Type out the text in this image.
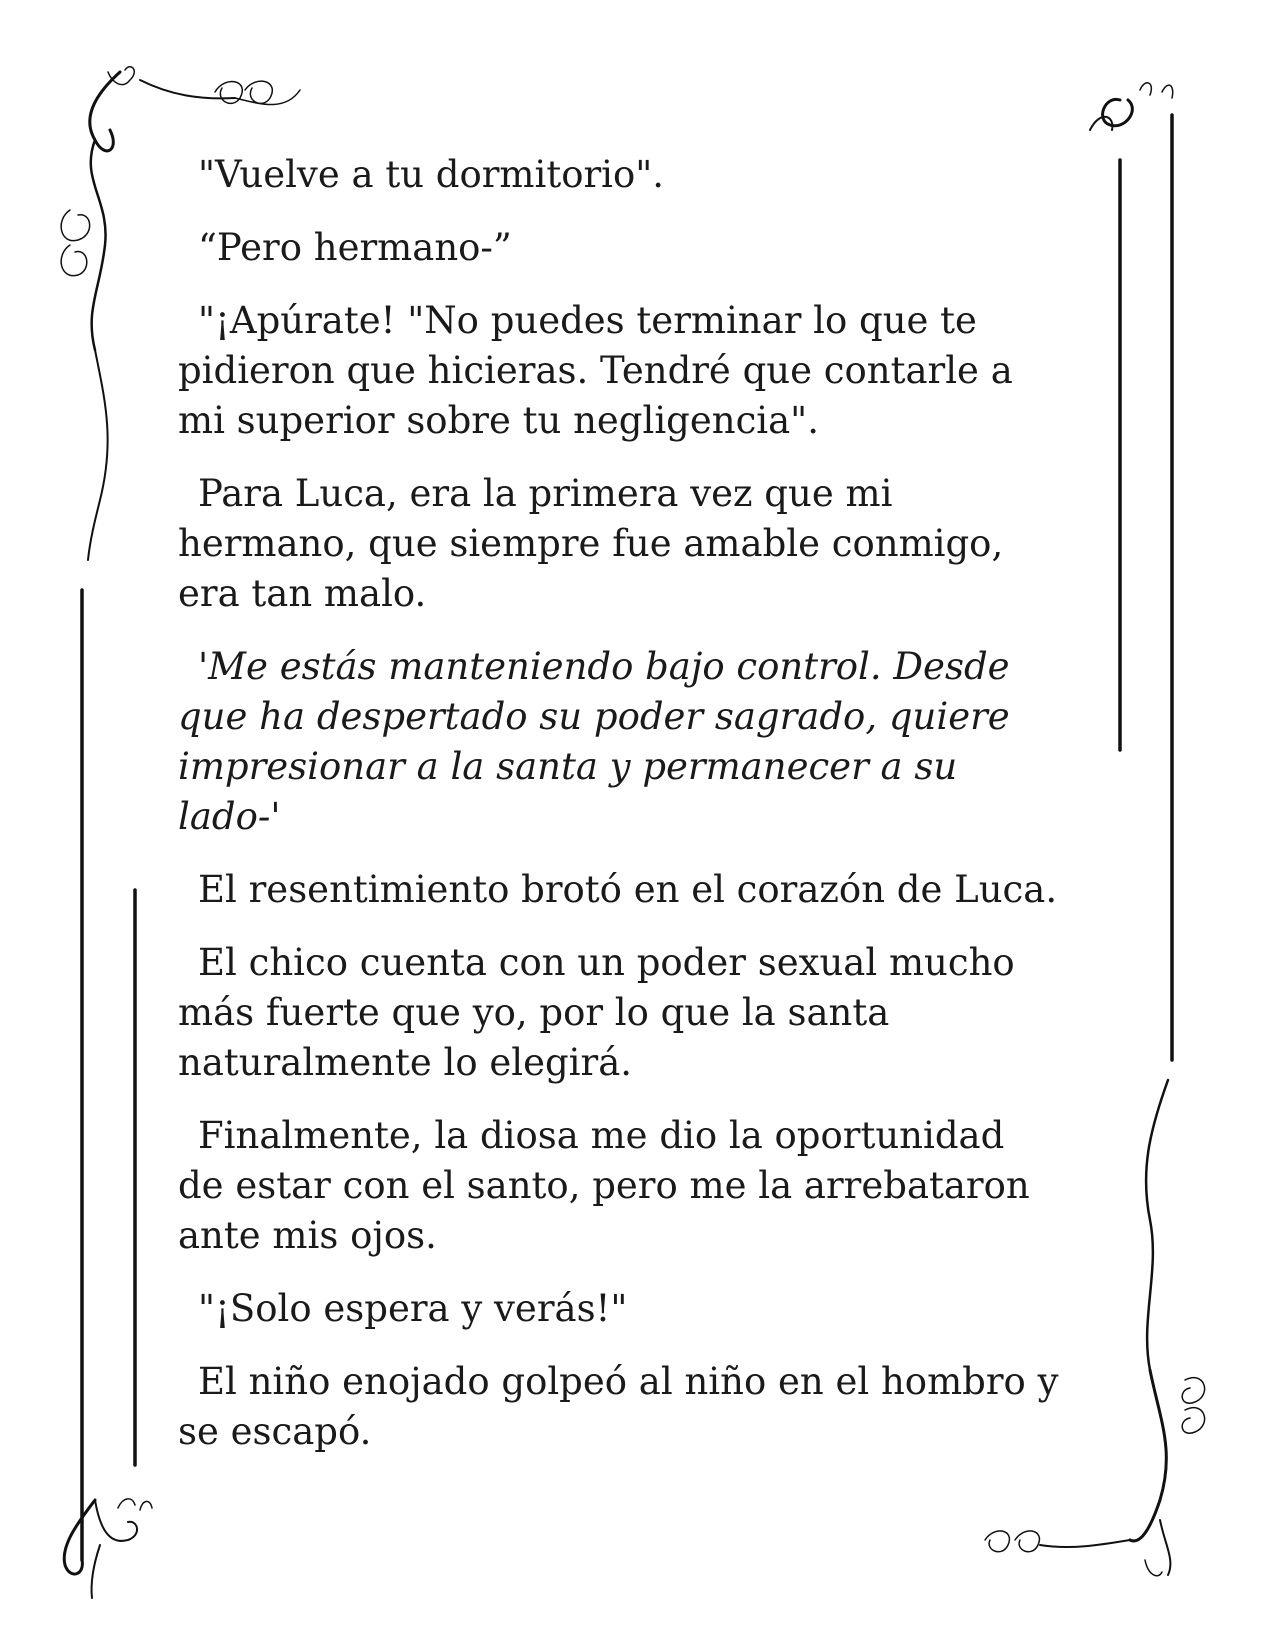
"Vuelve a tu dormitorio".

“Pero hermano-”

"¡Apúrate! "No puedes terminar lo que te
pidieron que hicieras. Tendré que contarle a
mi superior sobre tu negligencia".

Para Luca, era la primera vez que mi
hermano, que siempre fue amable conmigo,
era tan malo.

'Me estás manteniendo bajo control. Desde
que ha despertado su poder sagrado, quiere
impresionar a la santa y permanecer a su
lado-'

El resentimiento brotó en el corazón de Luca.

El chico cuenta con un poder sexual mucho
más fuerte que yo, por lo que la santa
naturalmente lo elegirá.

Finalmente, la diosa me dio la oportunidad
de estar con el santo, pero me la arrebataron
ante mis ojos.

"¡Solo espera y verás!"

El niño enojado golpeó al niño en el hombro y
se escapó.
